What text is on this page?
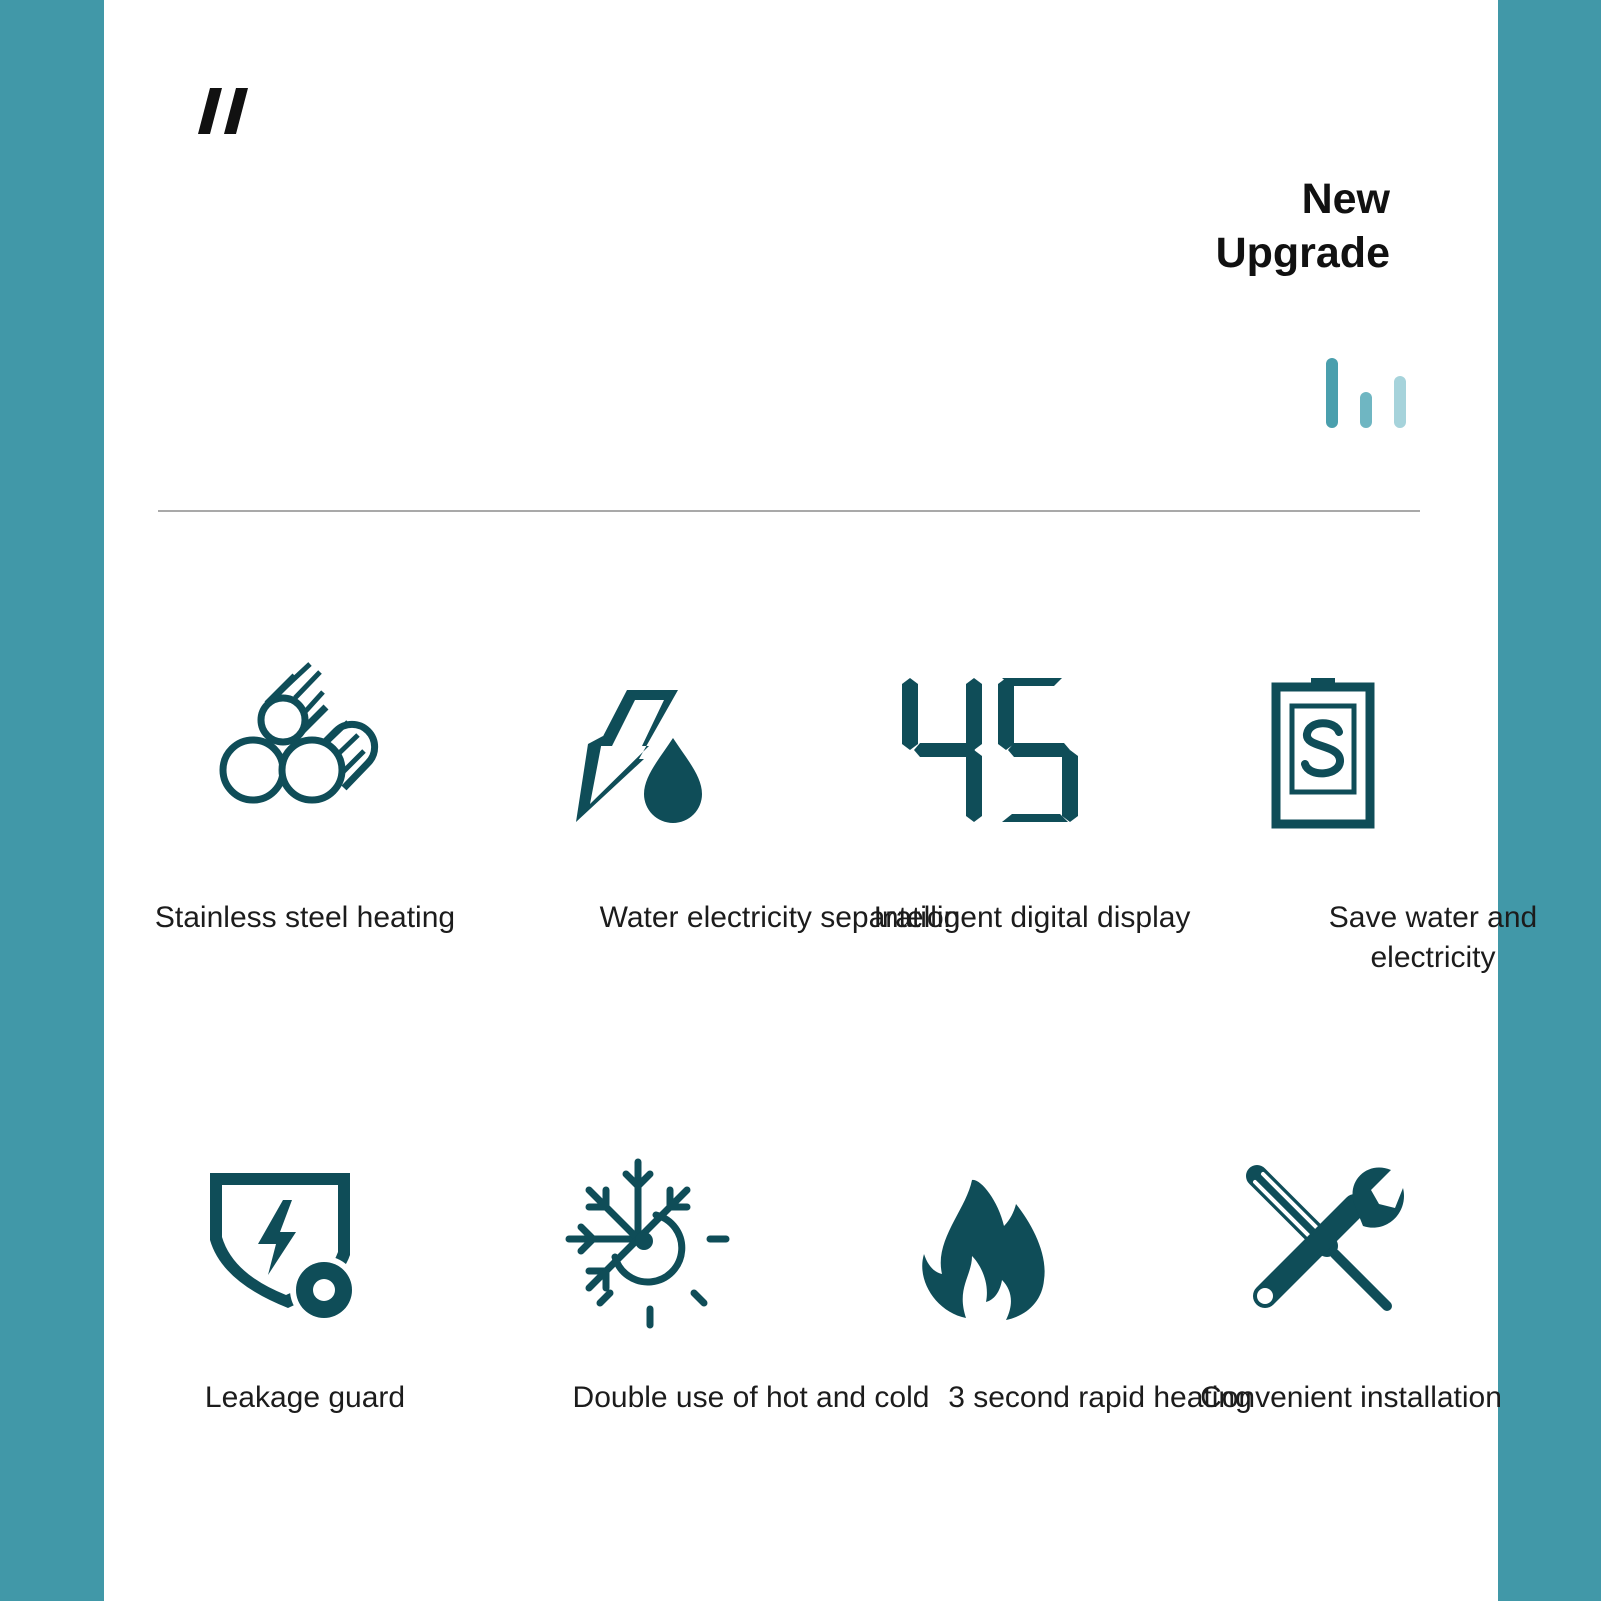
New
Upgrade
Stainless steel heating	Water electricity separation
Intelligent digital display	Save water and electricity
Leakage guard	Double use of hot and cold 3 second rapid heating
Convenient installation
